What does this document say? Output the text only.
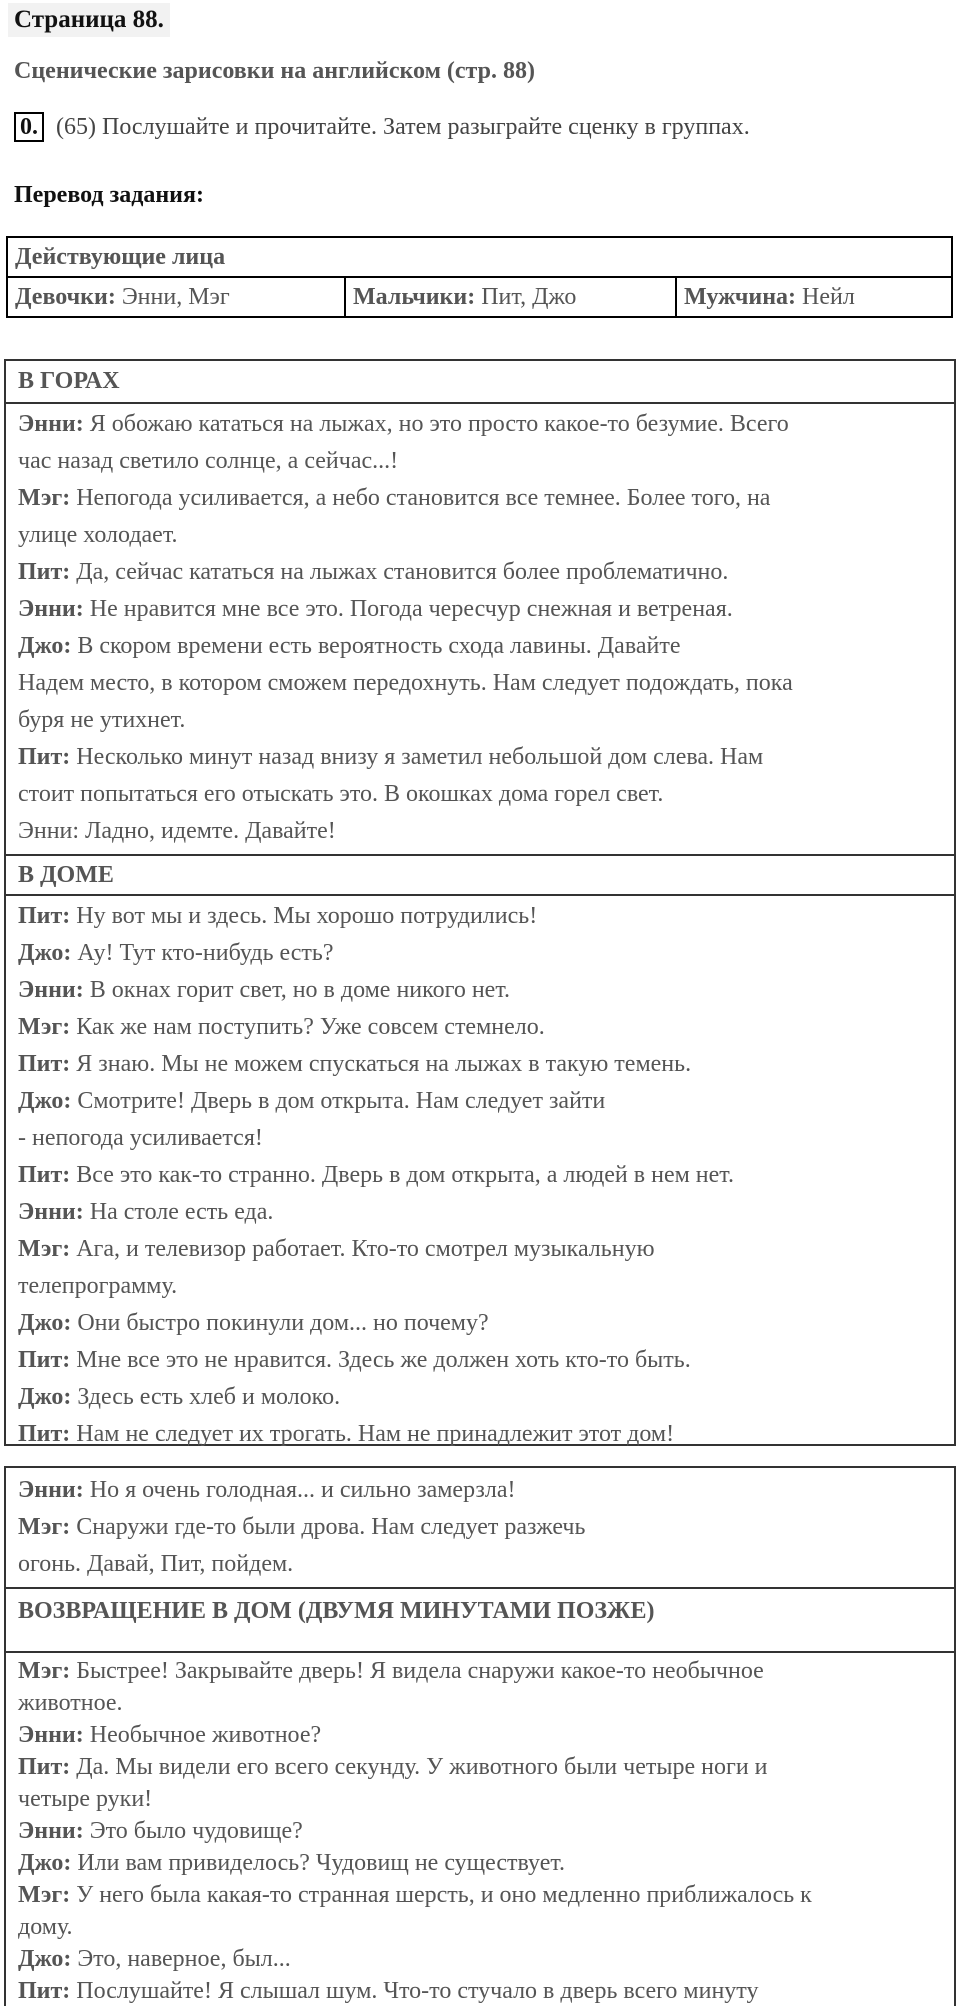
Страница 88.
Сценические зарисовки на английском (стр. 88)
0. (65) Послушайте и прочитайте. Затем разыграйте сценку в группах.
Перевод задания:
Действующие лица
Девочки: Энни, Мэг	Мальчики: Пит, Джо	Мужчина: Нейл
В ГОРАХ
Энни: Я обожаю кататься на лыжах, но это просто какое-то безумие. Всего
час назад светило солнце, а сейчас...!
Мэг: Непогода усиливается, а небо становится все темнее. Более того, на
улице холодает.
Пит: Да, сейчас кататься на лыжах становится более проблематично.
Энни: Не нравится мне все это. Погода чересчур снежная и ветреная.
Джо: В скором времени есть вероятность схода лавины. Давайте
Надем место, в котором сможем передохнуть. Нам следует подождать, пока
буря не утихнет.
Пит: Несколько минут назад внизу я заметил небольшой дом слева. Нам
стоит попытаться его отыскать это. В окошках дома горел свет.
Энни: Ладно, идемте. Давайте!
В ДОМЕ
Пит: Ну вот мы и здесь. Мы хорошо потрудились!
Джо: Ау! Тут кто-нибудь есть?
Энни: В окнах горит свет, но в доме никого нет.
Мэг: Как же нам поступить? Уже совсем стемнело.
Пит: Я знаю. Мы не можем спускаться на лыжах в такую темень.
Джо: Смотрите! Дверь в дом открыта. Нам следует зайти
- непогода усиливается!
Пит: Все это как-то странно. Дверь в дом открыта, а людей в нем нет.
Энни: На столе есть еда.
Мэг: Ага, и телевизор работает. Кто-то смотрел музыкальную
телепрограмму.
Джо: Они быстро покинули дом... но почему?
Пит: Мне все это не нравится. Здесь же должен хоть кто-то быть.
Джо: Здесь есть хлеб и молоко.
Пит: Нам не следует их трогать. Нам не принадлежит этот дом!
Энни: Но я очень голодная... и сильно замерзла!
Мэг: Снаружи где-то были дрова. Нам следует разжечь
огонь. Давай, Пит, пойдем.
ВОЗВРАЩЕНИЕ В ДОМ (ДВУМЯ МИНУТАМИ ПОЗЖЕ)
Мэг: Быстрее! Закрывайте дверь! Я видела снаружи какое-то необычное
животное.
Энни: Необычное животное?
Пит: Да. Мы видели его всего секунду. У животного были четыре ноги и
четыре руки!
Энни: Это было чудовище?
Джо: Или вам привиделось? Чудовищ не существует.
Мэг: У него была какая-то странная шерсть, и оно медленно приближалось к
дому.
Джо: Это, наверное, был...
Пит: Послушайте! Я слышал шум. Что-то стучало в дверь всего минуту
